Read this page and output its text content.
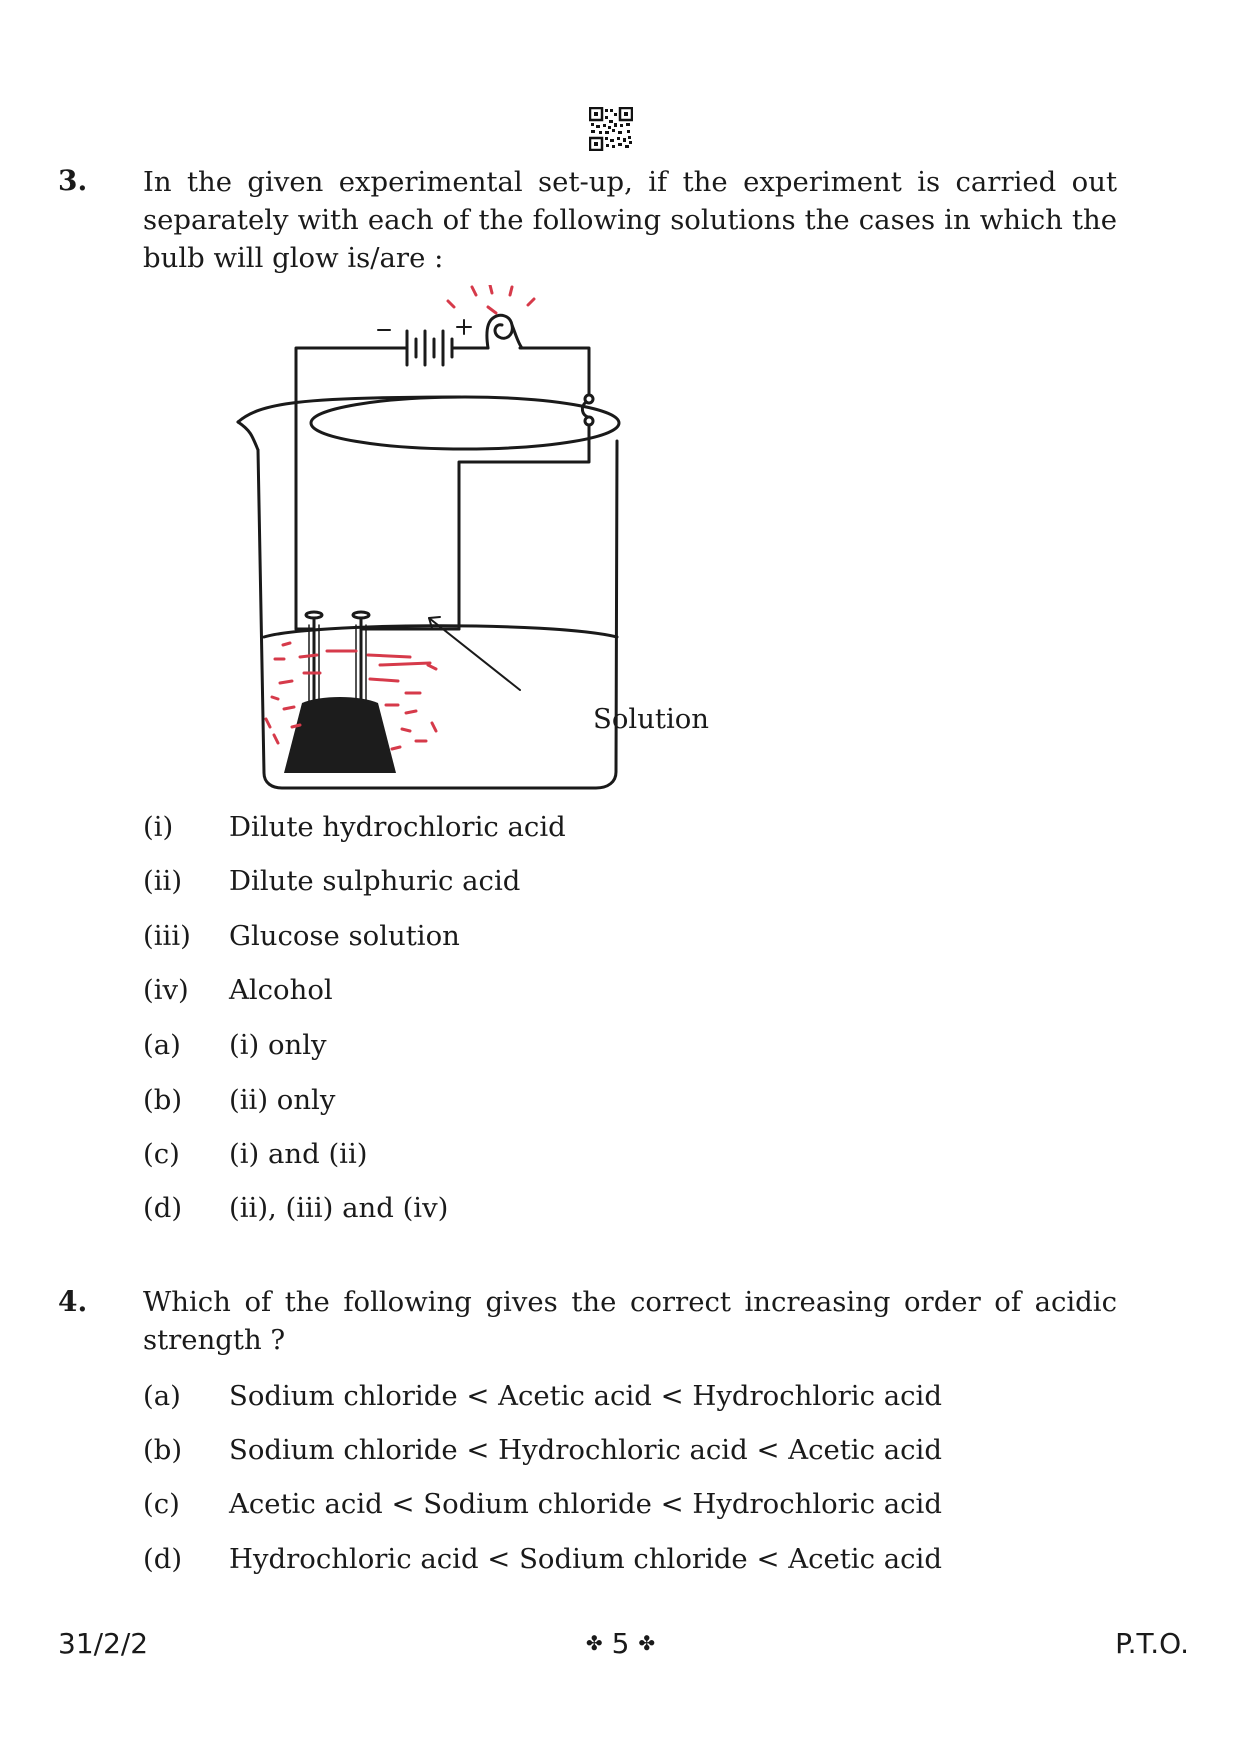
3. In the given experimental set-up, if the experiment is carried out separately with each of the following solutions the cases in which the bulb will glow is/are :
Solution
(i) Dilute hydrochloric acid
(ii) Dilute sulphuric acid
(iii) Glucose solution
(iv) Alcohol
(a) (i) only
(b) (ii) only
(c) (i) and (ii)
(d) (ii), (iii) and (iv)
4. Which of the following gives the correct increasing order of acidic strength ?
(a) Sodium chloride < Acetic acid < Hydrochloric acid
(b) Sodium chloride < Hydrochloric acid < Acetic acid
(c) Acetic acid < Sodium chloride < Hydrochloric acid
(d) Hydrochloric acid < Sodium chloride < Acetic acid
31/2/2	✤ 5 ✤	P.T.O.
